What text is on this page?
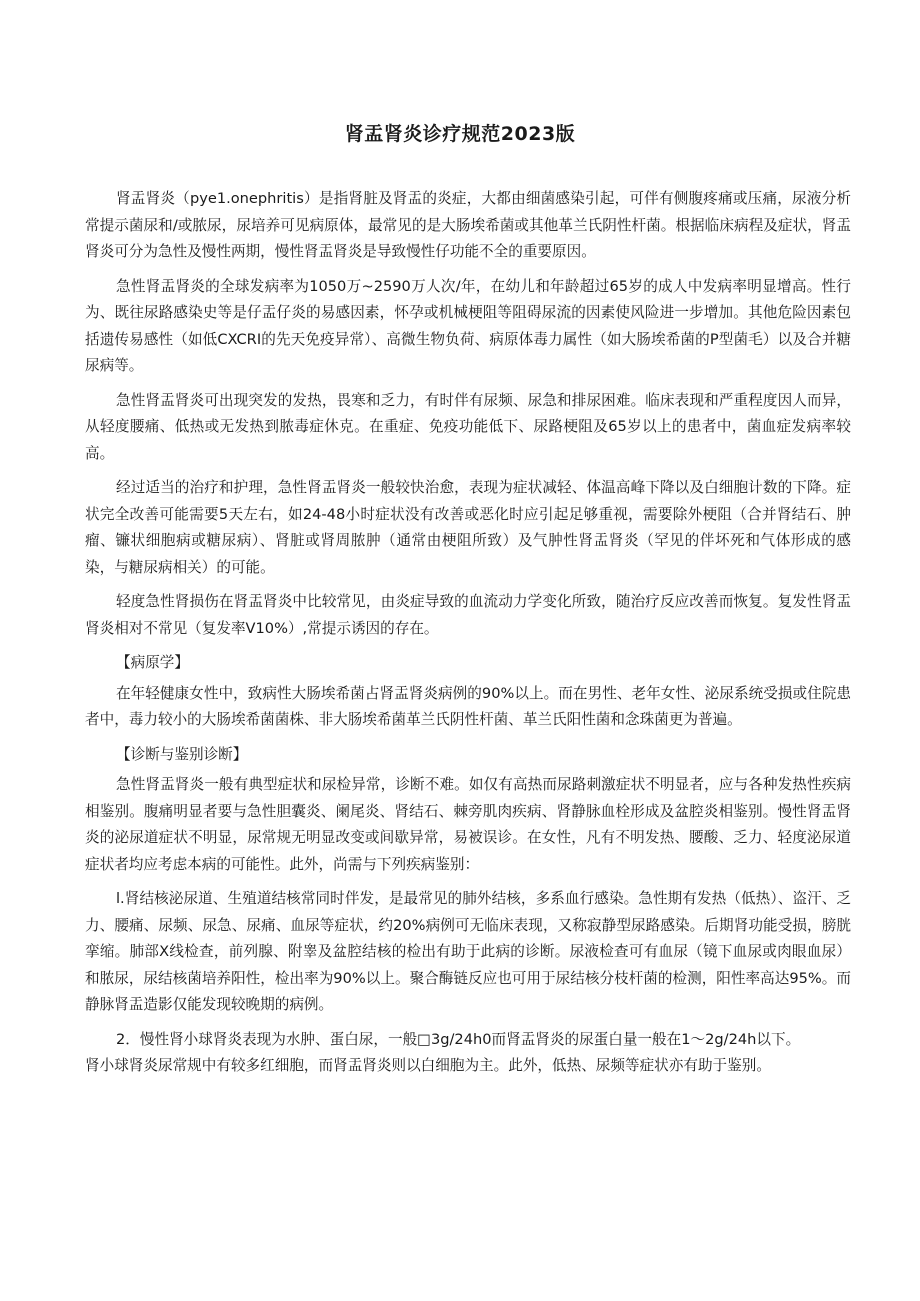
肾盂肾炎诊疗规范2023版

肾盂肾炎（pye1.onephritis）是指肾脏及肾盂的炎症，大都由细菌感染引起，可伴有侧腹疼痛或压痛，尿液分析常提示菌尿和/或脓尿，尿培养可见病原体，最常见的是大肠埃希菌或其他革兰氏阴性杆菌。根据临床病程及症状，肾盂肾炎可分为急性及慢性两期，慢性肾盂肾炎是导致慢性仔功能不全的重要原因。

急性肾盂肾炎的全球发病率为1050万~2590万人次/年，在幼儿和年龄超过65岁的成人中发病率明显增高。性行为、既往尿路感染史等是仔盂仔炎的易感因素，怀孕或机械梗阻等阻碍尿流的因素使风险进一步增加。其他危险因素包括遗传易感性（如低CXCRI的先天免疫异常）、高微生物负荷、病原体毒力属性（如大肠埃希菌的P型菌毛）以及合并糖尿病等。

急性肾盂肾炎可出现突发的发热，畏寒和乏力，有时伴有尿频、尿急和排尿困难。临床表现和严重程度因人而异，从轻度腰痛、低热或无发热到脓毒症休克。在重症、免疫功能低下、尿路梗阻及65岁以上的患者中，菌血症发病率较高。

经过适当的治疗和护理，急性肾盂肾炎一般较快治愈，表现为症状减轻、体温高峰下降以及白细胞计数的下降。症状完全改善可能需要5天左右，如24-48小时症状没有改善或恶化时应引起足够重视，需要除外梗阻（合并肾结石、肿瘤、镰状细胞病或糖尿病）、肾脏或肾周脓肿（通常由梗阻所致）及气肿性肾盂肾炎（罕见的伴坏死和气体形成的感染，与糖尿病相关）的可能。

轻度急性肾损伤在肾盂肾炎中比较常见，由炎症导致的血流动力学变化所致，随治疗反应改善而恢复。复发性肾盂肾炎相对不常见（复发率V10%）,常提示诱因的存在。

【病原学】

在年轻健康女性中，致病性大肠埃希菌占肾盂肾炎病例的90%以上。而在男性、老年女性、泌尿系统受损或住院患者中，毒力较小的大肠埃希菌菌株、非大肠埃希菌革兰氏阴性杆菌、革兰氏阳性菌和念珠菌更为普遍。

【诊断与鉴别诊断】

急性肾盂肾炎一般有典型症状和尿检异常，诊断不难。如仅有高热而尿路刺激症状不明显者，应与各种发热性疾病相鉴别。腹痛明显者要与急性胆囊炎、阑尾炎、肾结石、棘旁肌肉疾病、肾静脉血栓形成及盆腔炎相鉴别。慢性肾盂肾炎的泌尿道症状不明显，尿常规无明显改变或间歇异常，易被误诊。在女性，凡有不明发热、腰酸、乏力、轻度泌尿道症状者均应考虑本病的可能性。此外，尚需与下列疾病鉴别：

l.肾结核泌尿道、生殖道结核常同时伴发，是最常见的肺外结核，多系血行感染。急性期有发热（低热）、盗汗、乏力、腰痛、尿频、尿急、尿痛、血尿等症状，约20%病例可无临床表现，又称寂静型尿路感染。后期肾功能受损，膀胱挛缩。肺部X线检查，前列腺、附睾及盆腔结核的检出有助于此病的诊断。尿液检查可有血尿（镜下血尿或肉眼血尿）和脓尿，尿结核菌培养阳性，检出率为90%以上。聚合酶链反应也可用于尿结核分枝杆菌的检测，阳性率高达95%。而静脉肾盂造影仅能发现较晚期的病例。

2．慢性肾小球肾炎表现为水肿、蛋白尿，一般□3g∕24h0而肾盂肾炎的尿蛋白量一般在1～2g∕24h以下。

肾小球肾炎尿常规中有较多红细胞，而肾盂肾炎则以白细胞为主。此外，低热、尿频等症状亦有助于鉴别。
